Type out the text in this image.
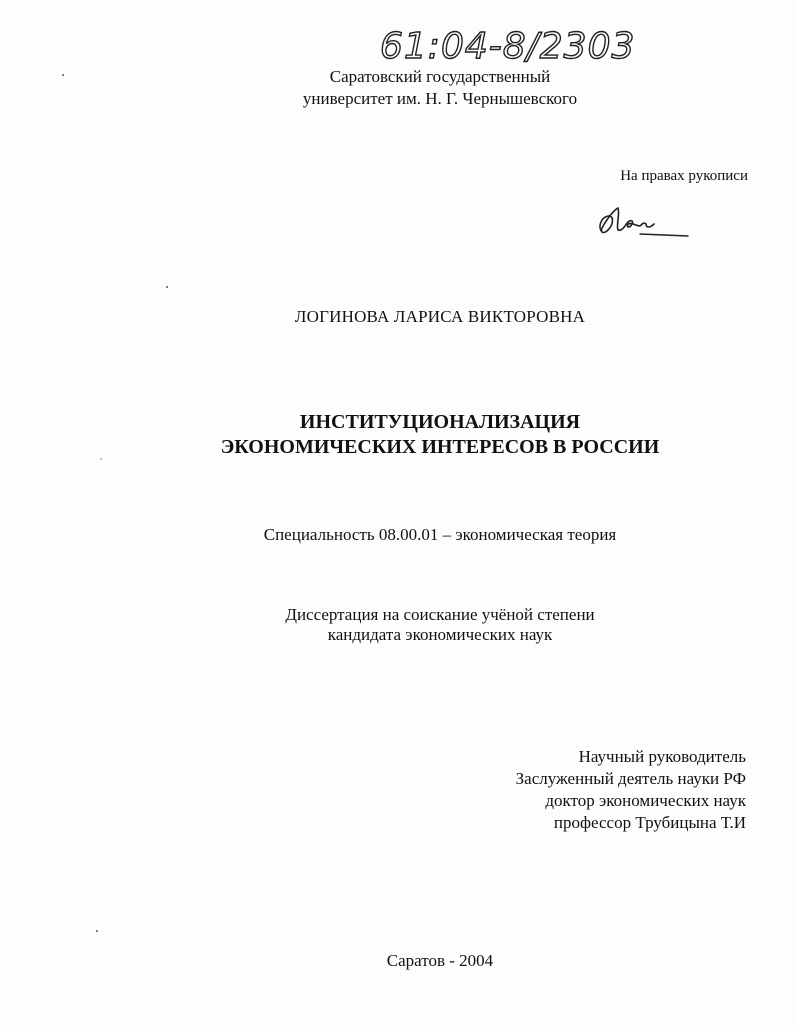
61:04-8/2303
Саратовский государственный
университет им. Н. Г. Чернышевского
На правах рукописи
ЛОГИНОВА ЛАРИСА ВИКТОРОВНА
ИНСТИТУЦИОНАЛИЗАЦИЯ
ЭКОНОМИЧЕСКИХ ИНТЕРЕСОВ В РОССИИ
Специальность 08.00.01 – экономическая теория
Диссертация на соискание учёной степени
кандидата экономических наук
Научный руководитель
Заслуженный деятель науки РФ
доктор экономических наук
профессор Трубицына Т.И
Саратов - 2004
